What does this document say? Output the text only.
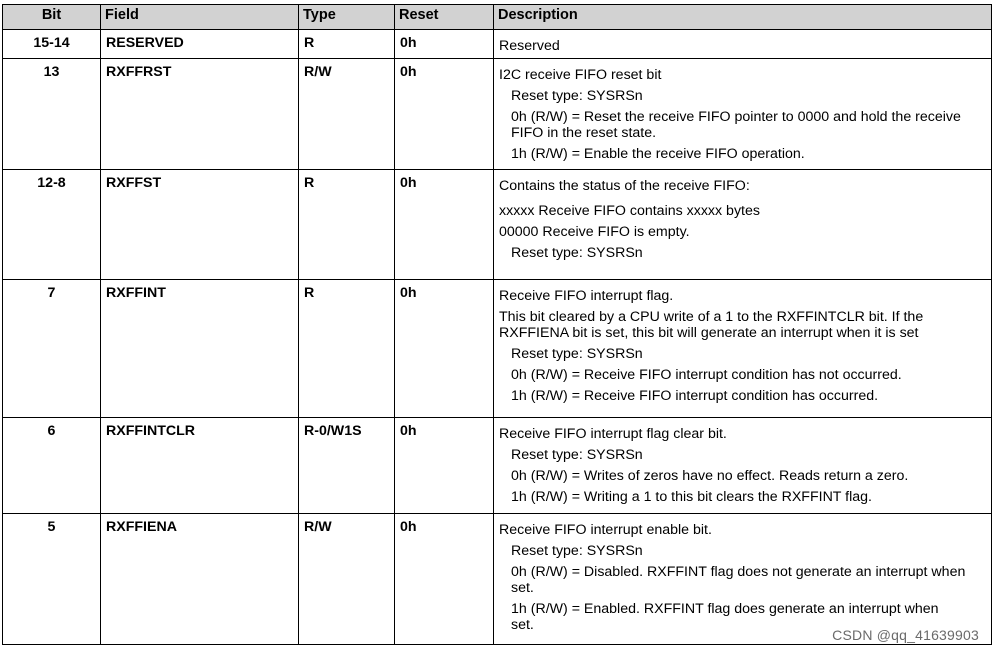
Bit	Field	Type	Reset	Description
15-14	RESERVED	R	0h	Reserved

13	RXFFRST	R/W	0h	I2C receive FIFO reset bit
Reset type: SYSRSn
0h (R/W) = Reset the receive FIFO pointer to 0000 and hold the receive FIFO in the reset state.
1h (R/W) = Enable the receive FIFO operation.

12-8	RXFFST	R	0h	Contains the status of the receive FIFO:
xxxxx Receive FIFO contains xxxxx bytes
00000 Receive FIFO is empty.
Reset type: SYSRSn

7	RXFFINT	R	0h	Receive FIFO interrupt flag.
This bit cleared by a CPU write of a 1 to the RXFFINTCLR bit. If the RXFFIENA bit is set, this bit will generate an interrupt when it is set
Reset type: SYSRSn
0h (R/W) = Receive FIFO interrupt condition has not occurred.
1h (R/W) = Receive FIFO interrupt condition has occurred.

6	RXFFINTCLR	R-0/W1S	0h	Receive FIFO interrupt flag clear bit.
Reset type: SYSRSn
0h (R/W) = Writes of zeros have no effect. Reads return a zero.
1h (R/W) = Writing a 1 to this bit clears the RXFFINT flag.

5	RXFFIENA	R/W	0h	Receive FIFO interrupt enable bit.
Reset type: SYSRSn
0h (R/W) = Disabled. RXFFINT flag does not generate an interrupt when set.
1h (R/W) = Enabled. RXFFINT flag does generate an interrupt when set.
CSDN @qq_41639903
